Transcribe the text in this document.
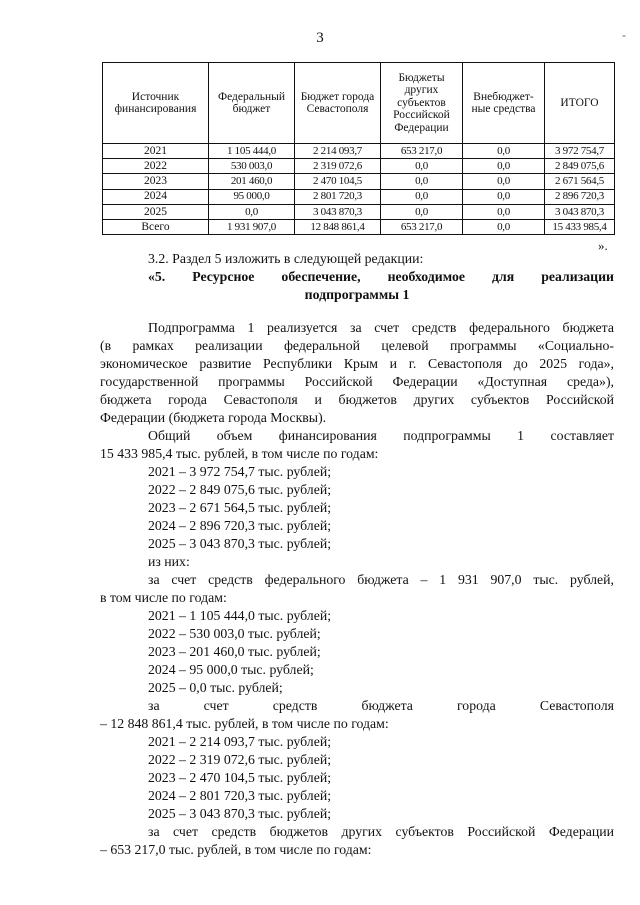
3	-
Источник финансирования	Федеральный бюджет	Бюджет города Севастополя	Бюджеты других субъектов Российской Федерации	Внебюджет-ные средства	ИТОГО
2021	1 105 444,0	2 214 093,7	653 217,0	0,0	3 972 754,7
2022	530 003,0	2 319 072,6	0,0	0,0	2 849 075,6
2023	201 460,0	2 470 104,5	0,0	0,0	2 671 564,5
2024	95 000,0	2 801 720,3	0,0	0,0	2 896 720,3
2025	0,0	3 043 870,3	0,0	0,0	3 043 870,3
Всего	1 931 907,0	12 848 861,4	653 217,0	0,0	15 433 985,4
».
3.2. Раздел 5 изложить в следующей редакции:
«5. Ресурсное обеспечение, необходимое для реализации
подпрограммы 1
Подпрограмма 1 реализуется за счет средств федерального бюджета
(в рамках реализации федеральной целевой программы «Социально-
экономическое развитие Республики Крым и г. Севастополя до 2025 года»,
государственной программы Российской Федерации «Доступная среда»),
бюджета города Севастополя и бюджетов других субъектов Российской
Федерации (бюджета города Москвы).
Общий объем финансирования подпрограммы 1 составляет
15 433 985,4 тыс. рублей, в том числе по годам:
2021 – 3 972 754,7 тыс. рублей;
2022 – 2 849 075,6 тыс. рублей;
2023 – 2 671 564,5 тыс. рублей;
2024 – 2 896 720,3 тыс. рублей;
2025 – 3 043 870,3 тыс. рублей;
из них:
за счет средств федерального бюджета – 1 931 907,0 тыс. рублей,
в том числе по годам:
2021 – 1 105 444,0 тыс. рублей;
2022 – 530 003,0 тыс. рублей;
2023 – 201 460,0 тыс. рублей;
2024 – 95 000,0 тыс. рублей;
2025 – 0,0 тыс. рублей;
за счет средств бюджета города Севастополя
– 12 848 861,4 тыс. рублей, в том числе по годам:
2021 – 2 214 093,7 тыс. рублей;
2022 – 2 319 072,6 тыс. рублей;
2023 – 2 470 104,5 тыс. рублей;
2024 – 2 801 720,3 тыс. рублей;
2025 – 3 043 870,3 тыс. рублей;
за счет средств бюджетов других субъектов Российской Федерации
– 653 217,0 тыс. рублей, в том числе по годам:
